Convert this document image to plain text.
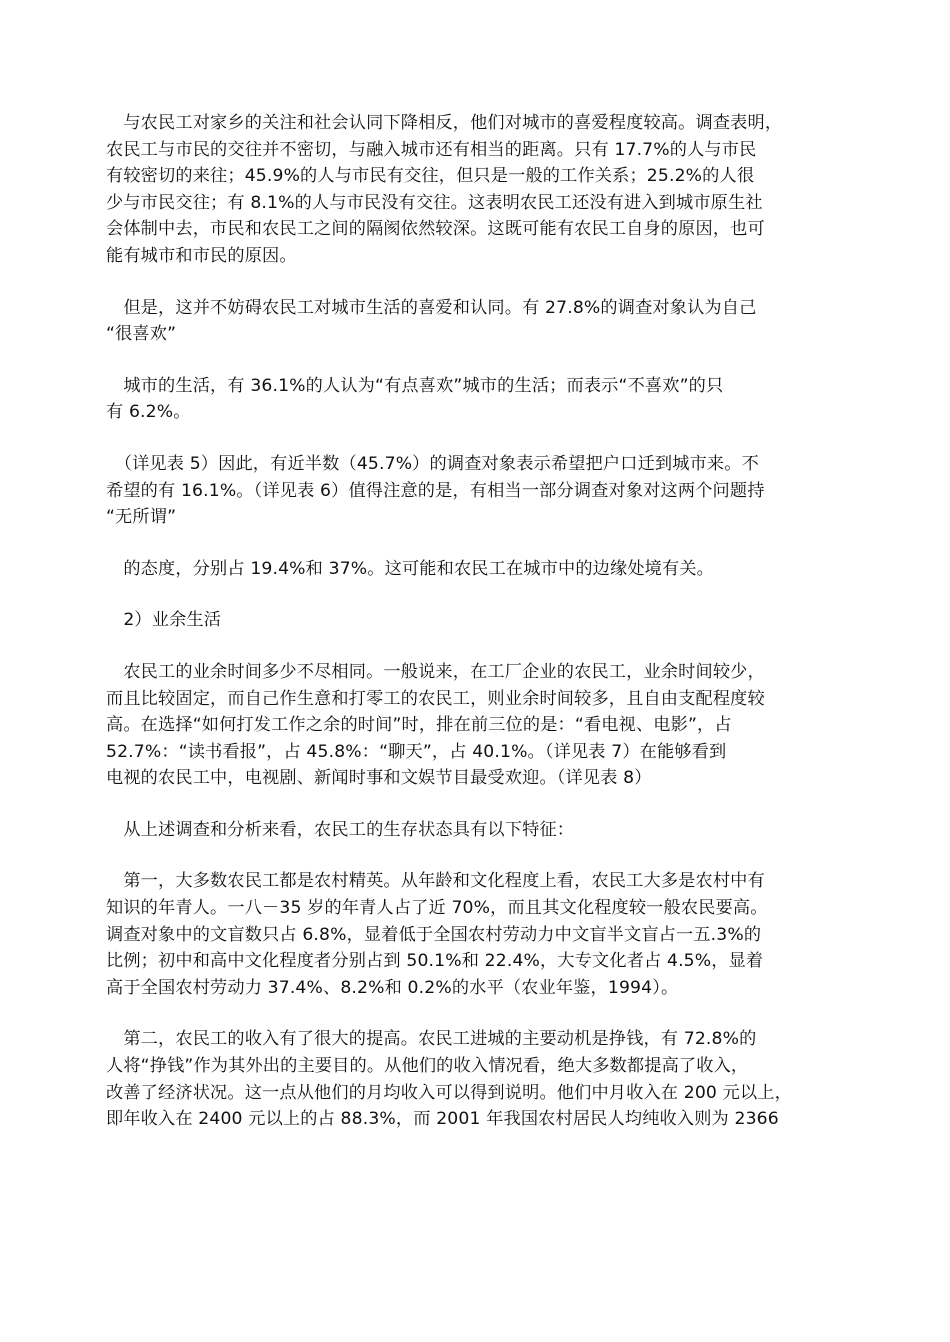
　与农民工对家乡的关注和社会认同下降相反，他们对城市的喜爱程度较高。调查表明，
农民工与市民的交往并不密切，与融入城市还有相当的距离。只有 17.7%的人与市民
有较密切的来往；45.9%的人与市民有交往，但只是一般的工作关系；25.2%的人很
少与市民交往；有 8.1%的人与市民没有交往。这表明农民工还没有进入到城市原生社
会体制中去，市民和农民工之间的隔阂依然较深。这既可能有农民工自身的原因，也可
能有城市和市民的原因。

　但是，这并不妨碍农民工对城市生活的喜爱和认同。有 27.8%的调查对象认为自己
“很喜欢”

　城市的生活，有 36.1%的人认为“有点喜欢”城市的生活；而表示“不喜欢”的只
有 6.2%。

　（详见表 5）因此，有近半数（45.7%）的调查对象表示希望把户口迁到城市来。不
希望的有 16.1%。（详见表 6）值得注意的是，有相当一部分调查对象对这两个问题持
“无所谓”

　的态度，分别占 19.4%和 37%。这可能和农民工在城市中的边缘处境有关。

　2）业余生活

　农民工的业余时间多少不尽相同。一般说来，在工厂企业的农民工，业余时间较少，
而且比较固定，而自己作生意和打零工的农民工，则业余时间较多，且自由支配程度较
高。在选择“如何打发工作之余的时间”时，排在前三位的是：“看电视、电影”，占
52.7%：“读书看报”，占 45.8%：“聊天”，占 40.1%。（详见表 7）在能够看到
电视的农民工中，电视剧、新闻时事和文娱节目最受欢迎。（详见表 8）

　从上述调查和分析来看，农民工的生存状态具有以下特征：

　第一，大多数农民工都是农村精英。从年龄和文化程度上看，农民工大多是农村中有
知识的年青人。一八－35 岁的年青人占了近 70%，而且其文化程度较一般农民要高。
调查对象中的文盲数只占 6.8%，显着低于全国农村劳动力中文盲半文盲占一五.3%的
比例；初中和高中文化程度者分别占到 50.1%和 22.4%，大专文化者占 4.5%，显着
高于全国农村劳动力 37.4%、8.2%和 0.2%的水平（农业年鉴，1994）。

　第二，农民工的收入有了很大的提高。农民工进城的主要动机是挣钱，有 72.8%的
人将“挣钱”作为其外出的主要目的。从他们的收入情况看，绝大多数都提高了收入，
改善了经济状况。这一点从他们的月均收入可以得到说明。他们中月收入在 200 元以上，
即年收入在 2400 元以上的占 88.3%，而 2001 年我国农村居民人均纯收入则为 2366
